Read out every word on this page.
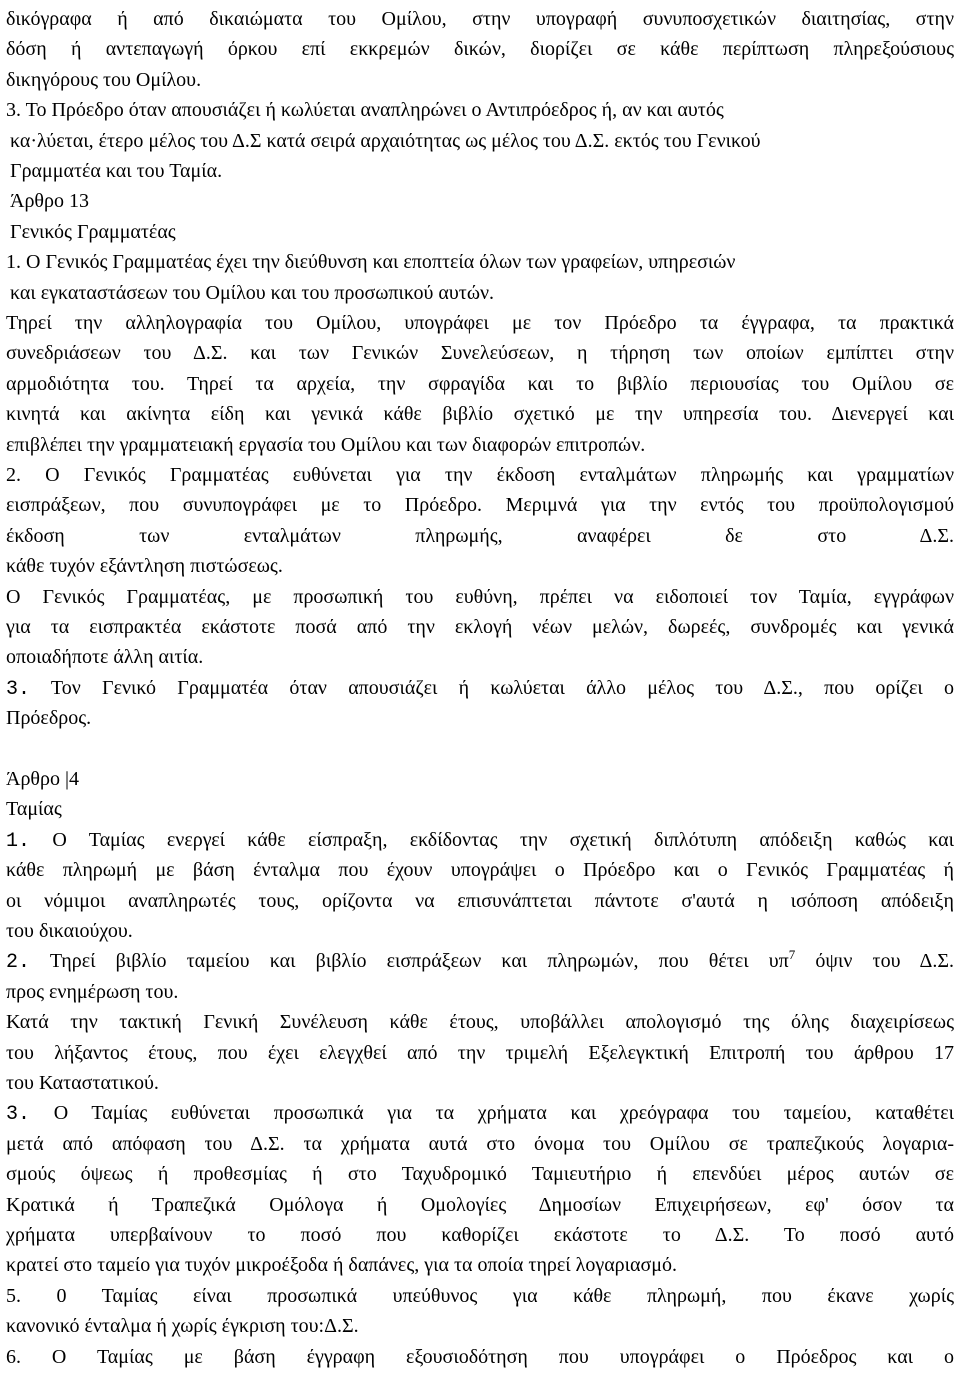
δικόγραφα ή από δικαιώματα του Ομίλου, στην υπογραφή συνυποσχετικών διαιτησίας, στην
δόση ή αντεπαγωγή όρκου επί εκκρεμών δικών, διορίζει σε κάθε περίπτωση πληρεξούσιους
δικηγόρους του Ομίλου.
3. Το Πρόεδρο όταν απουσιάζει ή κωλύεται αναπληρώνει ο Αντιπρόεδρος ή, αν και αυτός
κα·λύεται, έτερο μέλος του Δ.Σ κατά σειρά αρχαιότητας ως μέλος του Δ.Σ. εκτός του Γενικού
Γραμματέα και του Ταμία.
Άρθρο 13
Γενικός Γραμματέας
1. Ο Γενικός Γραμματέας έχει την διεύθυνση και εποπτεία όλων των γραφείων, υπηρεσιών
και εγκαταστάσεων του Ομίλου και του προσωπικού αυτών.
Τηρεί την αλληλογραφία του Ομίλου, υπογράφει με τον Πρόεδρο τα έγγραφα, τα πρακτικά
συνεδριάσεων του Δ.Σ. και των Γενικών Συνελεύσεων, η τήρηση των οποίων εμπίπτει στην
αρμοδιότητα του. Τηρεί τα αρχεία, την σφραγίδα και το βιβλίο περιουσίας του Ομίλου σε
κινητά και ακίνητα είδη και γενικά κάθε βιβλίο σχετικό με την υπηρεσία του. Διενεργεί και
επιβλέπει την γραμματειακή εργασία του Ομίλου και των διαφορών επιτροπών.
2. Ο Γενικός Γραμματέας ευθύνεται για την έκδοση ενταλμάτων πληρωμής και γραμματίων
εισπράξεων, που συνυπογράφει με το Πρόεδρο. Μεριμνά για την εντός του προϋπολογισμού
έκδοση των ενταλμάτων πληρωμής, αναφέρει δε στο Δ.Σ.
κάθε τυχόν εξάντληση πιστώσεως.
Ο Γενικός Γραμματέας, με προσωπική του ευθύνη, πρέπει να ειδοποιεί τον Ταμία, εγγράφων
για τα εισπρακτέα εκάστοτε ποσά από την εκλογή νέων μελών, δωρεές, συνδρομές και γενικά
οποιαδήποτε άλλη αιτία.
3. Τον Γενικό Γραμματέα όταν απουσιάζει ή κωλύεται άλλο μέλος του Δ.Σ., που ορίζει ο
Πρόεδρος.
Άρθρο |4
Ταμίας
1. Ο Ταμίας ενεργεί κάθε είσπραξη, εκδίδοντας την σχετική διπλότυπη απόδειξη καθώς και
κάθε πληρωμή με βάση ένταλμα που έχουν υπογράψει ο Πρόεδρο και ο Γενικός Γραμματέας ή
οι νόμιμοι αναπληρωτές τους, ορίζοντα να επισυνάπτεται πάντοτε σ'αυτά η ισόποση απόδειξη
του δικαιούχου.
2. Τηρεί βιβλίο ταμείου και βιβλίο εισπράξεων και πληρωμών, που θέτει $\upsilon\pi^7$ όψιν του Δ.Σ.
προς ενημέρωση του.
Κατά την τακτική Γενική Συνέλευση κάθε έτους, υποβάλλει απολογισμό της όλης διαχειρίσεως
του λήξαντος έτους, που έχει ελεγχθεί από την τριμελή Εξελεγκτική Επιτροπή του άρθρου 17
του Καταστατικού.
3. Ο Ταμίας ευθύνεται προσωπικά για τα χρήματα και χρεόγραφα του ταμείου, καταθέτει
μετά από απόφαση του Δ.Σ. τα χρήματα αυτά στο όνομα του Ομίλου σε τραπεζικούς λογαρια-
σμούς όψεως ή προθεσμίας ή στο Ταχυδρομικό Ταμιευτήριο ή επενδύει μέρος αυτών σε
Κρατικά ή Τραπεζικά Ομόλογα ή Ομολογίες Δημοσίων Επιχειρήσεων, εφ' όσον τα
χρήματα υπερβαίνουν το ποσό που καθορίζει εκάστοτε το Δ.Σ. Το ποσό αυτό
κρατεί στο ταμείο για τυχόν μικροέξοδα ή δαπάνες, για τα οποία τηρεί λογαριασμό.
5. 0 Ταμίας είναι προσωπικά υπεύθυνος για κάθε πληρωμή, που έκανε χωρίς
κανονικό ένταλμα ή χωρίς έγκριση του:Δ.Σ.
6. Ο Ταμίας με βάση έγγραφη εξουσιοδότηση που υπογράφει ο Πρόεδρος και ο
